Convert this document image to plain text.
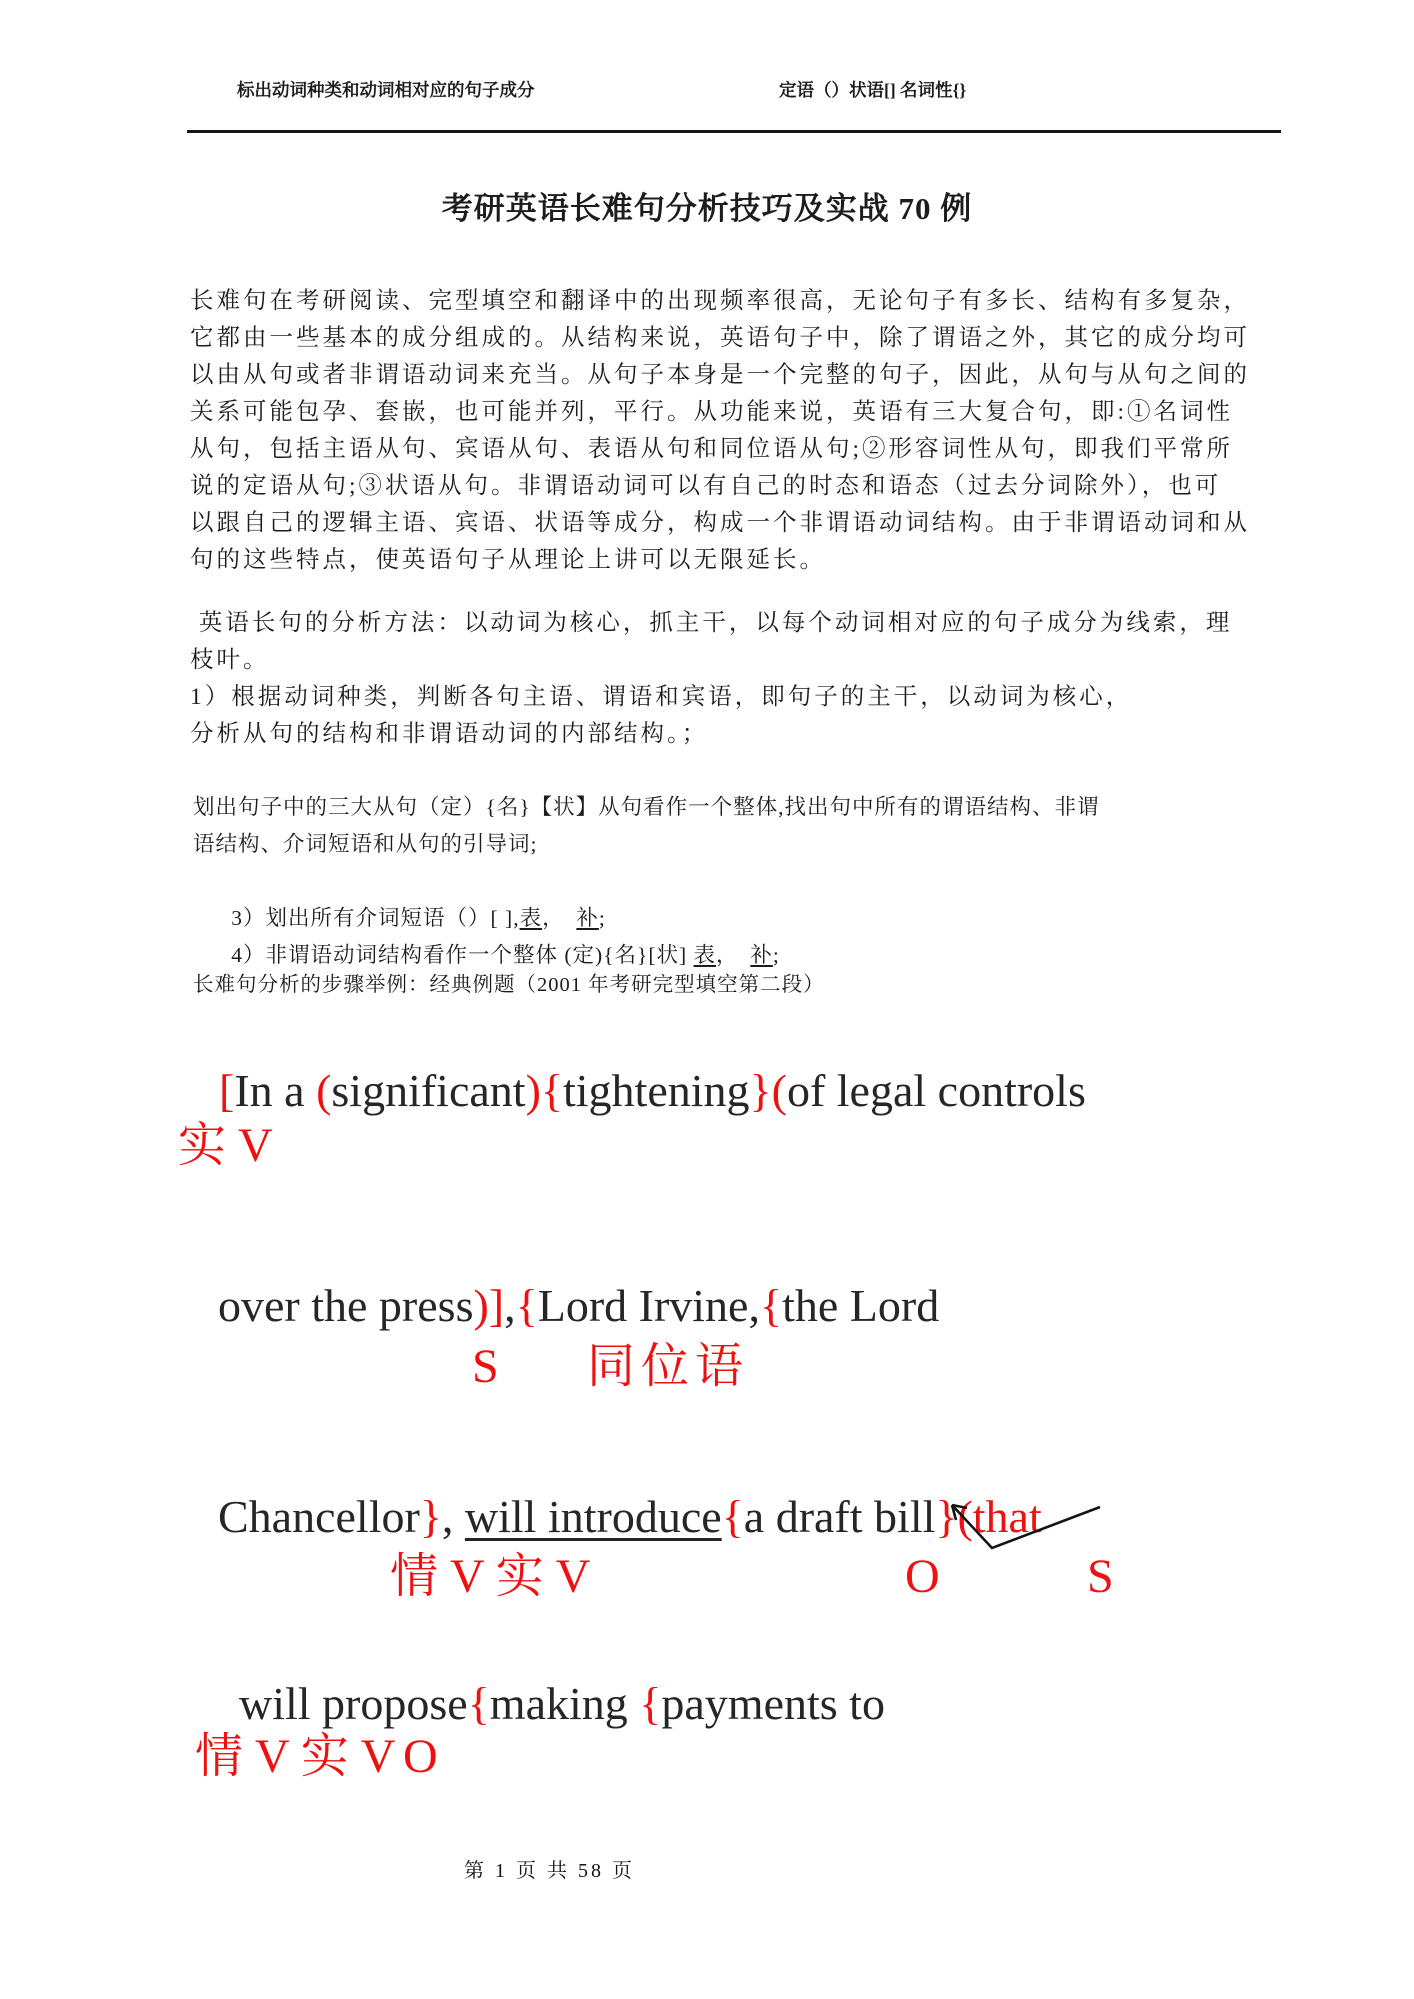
标出动词种类和动词相对应的句子成分	定语（）状语[] 名词性{}
考研英语长难句分析技巧及实战 70 例
长难句在考研阅读、完型填空和翻译中的出现频率很高，无论句子有多长、结构有多复杂，
它都由一些基本的成分组成的。从结构来说，英语句子中，除了谓语之外，其它的成分均可
以由从句或者非谓语动词来充当。从句子本身是一个完整的句子，因此，从句与从句之间的
关系可能包孕、套嵌，也可能并列，平行。从功能来说，英语有三大复合句，即:①名词性
从句，包括主语从句、宾语从句、表语从句和同位语从句;②形容词性从句，即我们平常所
说的定语从句;③状语从句。非谓语动词可以有自己的时态和语态（过去分词除外），也可
以跟自己的逻辑主语、宾语、状语等成分，构成一个非谓语动词结构。由于非谓语动词和从
句的这些特点，使英语句子从理论上讲可以无限延长。
英语长句的分析方法：以动词为核心，抓主干，以每个动词相对应的句子成分为线索，理
枝叶。
1）根据动词种类，判断各句主语、谓语和宾语，即句子的主干，以动词为核心，
分析从句的结构和非谓语动词的内部结构。；
划出句子中的三大从句（定）{名}【状】从句看作一个整体,找出句中所有的谓语结构、非谓
语结构、介词短语和从句的引导词;

3）划出所有介词短语（）[ ],表，　补;

4）非谓语动词结构看作一个整体 (定){名}[状] 表，　补;

长难句分析的步骤举例：经典例题（2001 年考研完型填空第二段）

[In a (significant){tightening}(of legal controls

实 V

over the press)],{Lord Irvine,{the Lord

S 同位语

Chancellor}, will introduce{a draft bill}(that

情 V 实 V	O	S

will propose{making {payments to

情 V 实 V O
第 1 页 共 58 页
